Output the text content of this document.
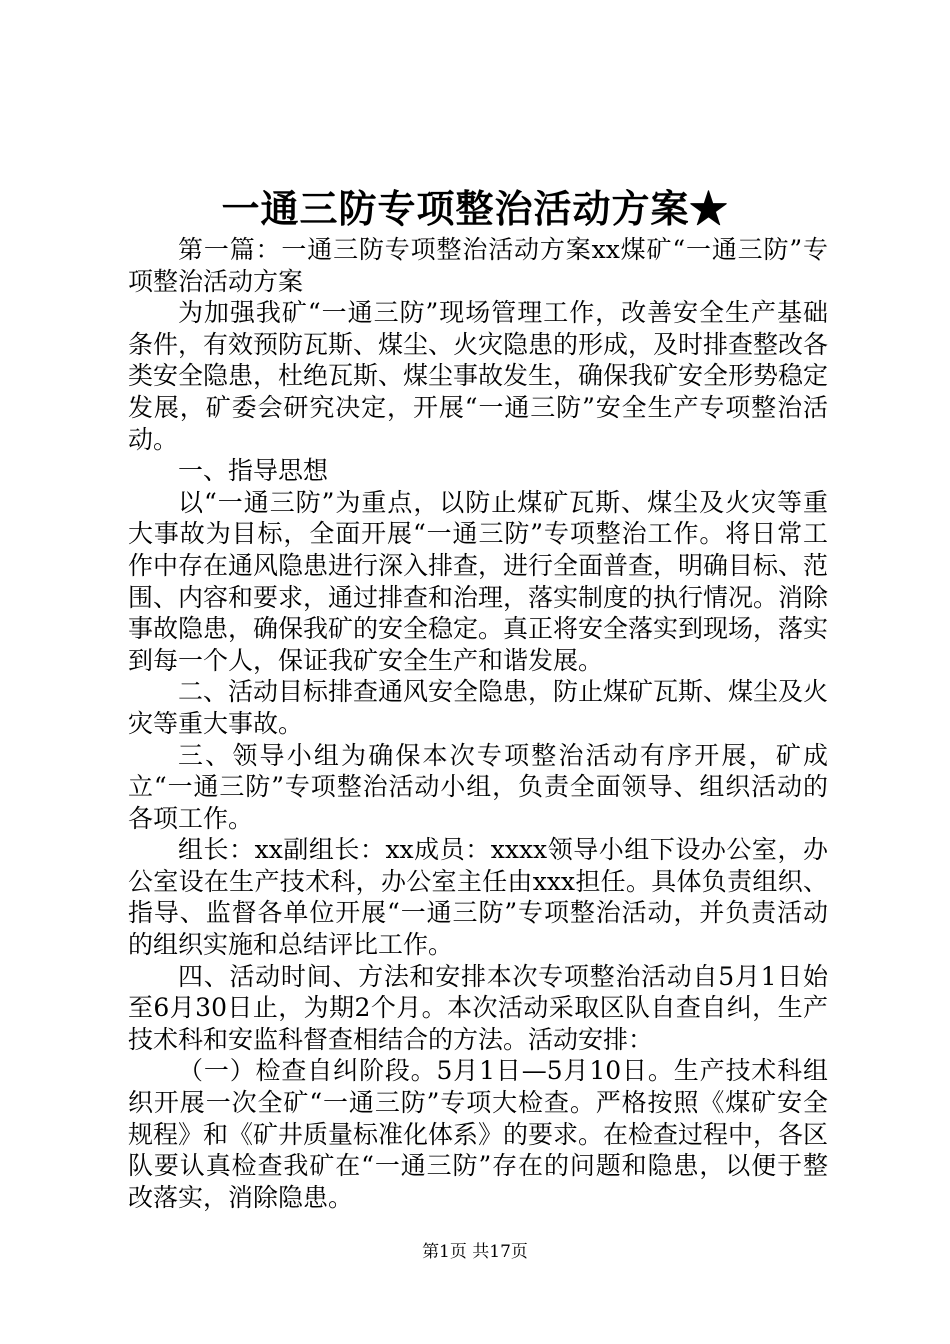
一通三防专项整治活动方案★

第一篇：一通三防专项整治活动方案xx煤矿“一通三防”专项整治活动方案

为加强我矿“一通三防”现场管理工作，改善安全生产基础条件，有效预防瓦斯、煤尘、火灾隐患的形成，及时排查整改各类安全隐患，杜绝瓦斯、煤尘事故发生，确保我矿安全形势稳定发展，矿委会研究决定，开展“一通三防”安全生产专项整治活动。

一、指导思想

以“一通三防”为重点，以防止煤矿瓦斯、煤尘及火灾等重大事故为目标，全面开展“一通三防”专项整治工作。将日常工作中存在通风隐患进行深入排查，进行全面普查，明确目标、范围、内容和要求，通过排查和治理，落实制度的执行情况。消除事故隐患，确保我矿的安全稳定。真正将安全落实到现场，落实到每一个人，保证我矿安全生产和谐发展。

二、活动目标排查通风安全隐患，防止煤矿瓦斯、煤尘及火灾等重大事故。

三、领导小组为确保本次专项整治活动有序开展，矿成立“一通三防”专项整治活动小组，负责全面领导、组织活动的各项工作。

组长：xx副组长：xx成员：xxxx领导小组下设办公室，办公室设在生产技术科，办公室主任由xxx担任。具体负责组织、指导、监督各单位开展“一通三防”专项整治活动，并负责活动的组织实施和总结评比工作。

四、活动时间、方法和安排本次专项整治活动自5月1日始至6月30日止，为期2个月。本次活动采取区队自查自纠，生产技术科和安监科督查相结合的方法。活动安排：

（一）检查自纠阶段。5月1日—5月10日。生产技术科组织开展一次全矿“一通三防”专项大检查。严格按照《煤矿安全规程》和《矿井质量标准化体系》的要求。在检查过程中，各区队要认真检查我矿在“一通三防”存在的问题和隐患，以便于整改落实，消除隐患。

第1页 共17页
